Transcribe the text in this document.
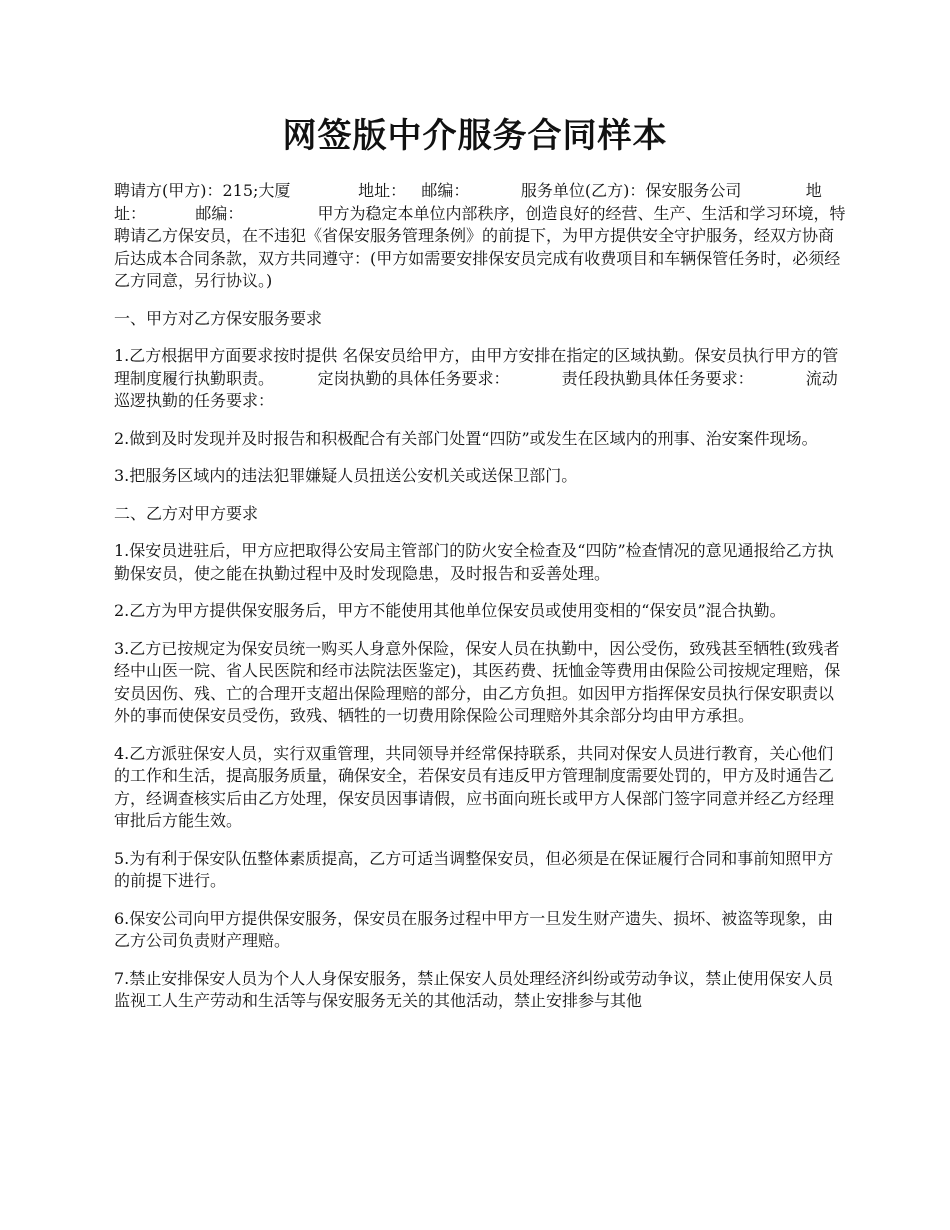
网签版中介服务合同样本

聘请方(甲方)：215;大厦		地址：   邮编：		服务单位(乙方)：保安服务公司		地址：		邮编：		甲方为稳定本单位内部秩序，创造良好的经营、生产、生活和学习环境，特聘请乙方保安员，在不违犯《省保安服务管理条例》的前提下，为甲方提供安全守护服务，经双方协商后达成本合同条款，双方共同遵守：(甲方如需要安排保安员完成有收费项目和车辆保管任务时，必须经乙方同意，另行协议。)

一、甲方对乙方保安服务要求

1.乙方根据甲方面要求按时提供 名保安员给甲方，由甲方安排在指定的区域执勤。保安员执行甲方的管理制度履行执勤职责。		定岗执勤的具体任务要求：		责任段执勤具体任务要求：		流动巡逻执勤的任务要求：

2.做到及时发现并及时报告和积极配合有关部门处置“四防”或发生在区域内的刑事、治安案件现场。

3.把服务区域内的违法犯罪嫌疑人员扭送公安机关或送保卫部门。

二、乙方对甲方要求

1.保安员进驻后，甲方应把取得公安局主管部门的防火安全检查及“四防”检查情况的意见通报给乙方执勤保安员，使之能在执勤过程中及时发现隐患，及时报告和妥善处理。

2.乙方为甲方提供保安服务后，甲方不能使用其他单位保安员或使用变相的“保安员”混合执勤。

3.乙方已按规定为保安员统一购买人身意外保险，保安人员在执勤中，因公受伤，致残甚至牺牲(致残者经中山医一院、省人民医院和经市法院法医鉴定)，其医药费、抚恤金等费用由保险公司按规定理赔，保安员因伤、残、亡的合理开支超出保险理赔的部分，由乙方负担。如因甲方指挥保安员执行保安职责以外的事而使保安员受伤，致残、牺牲的一切费用除保险公司理赔外其余部分均由甲方承担。

4.乙方派驻保安人员，实行双重管理，共同领导并经常保持联系，共同对保安人员进行教育，关心他们的工作和生活，提高服务质量，确保安全，若保安员有违反甲方管理制度需要处罚的，甲方及时通告乙方，经调查核实后由乙方处理，保安员因事请假，应书面向班长或甲方人保部门签字同意并经乙方经理审批后方能生效。

5.为有利于保安队伍整体素质提高，乙方可适当调整保安员，但必须是在保证履行合同和事前知照甲方的前提下进行。

6.保安公司向甲方提供保安服务，保安员在服务过程中甲方一旦发生财产遗失、损坏、被盗等现象，由乙方公司负责财产理赔。

7.禁止安排保安人员为个人人身保安服务，禁止保安人员处理经济纠纷或劳动争议，禁止使用保安人员监视工人生产劳动和生活等与保安服务无关的其他活动，禁止安排参与其他
